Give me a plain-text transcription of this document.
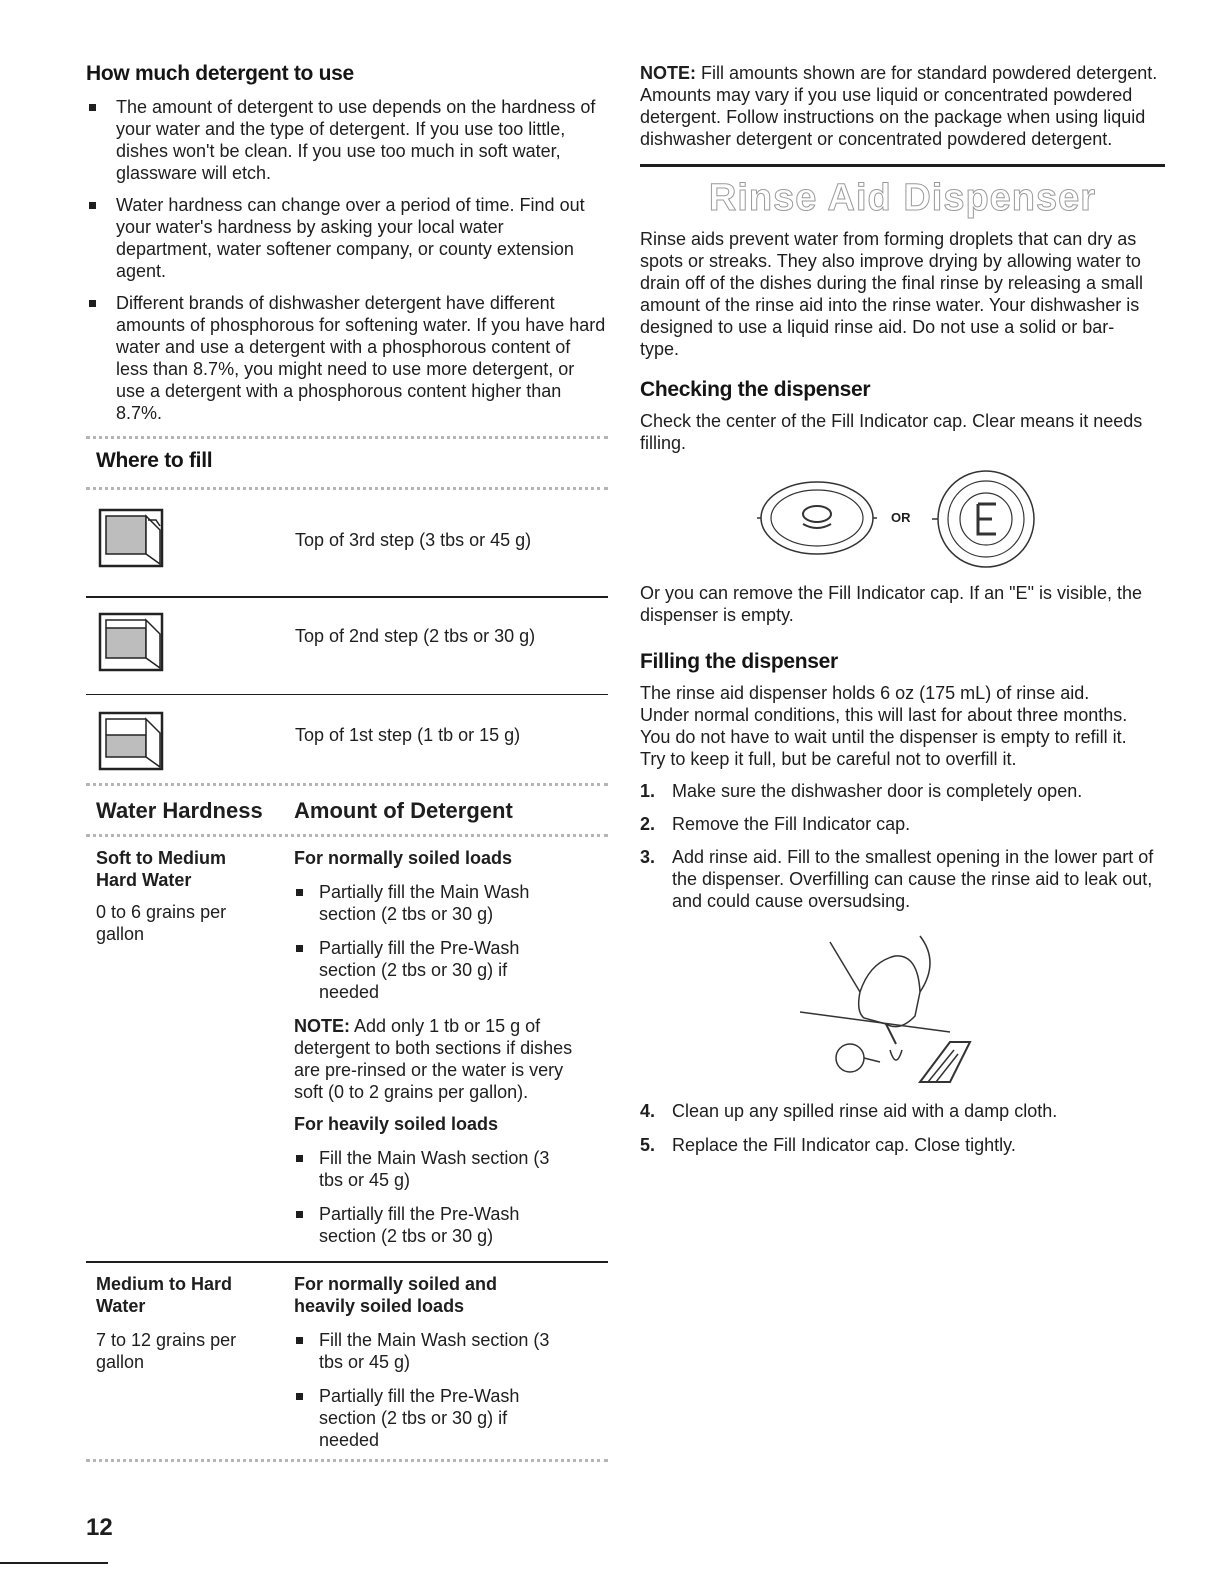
How much detergent to use
The amount of detergent to use depends on the hardness of your water and the type of detergent. If you use too little, dishes won't be clean. If you use too much in soft water, glassware will etch.
Water hardness can change over a period of time. Find out your water's hardness by asking your local water department, water softener company, or county extension agent.
Different brands of dishwasher detergent have different amounts of phosphorous for softening water. If you have hard water and use a detergent with a phosphorous content of less than 8.7%, you might need to use more detergent, or use a detergent with a phosphorous content higher than 8.7%.
Where to fill
Top of 3rd step (3 tbs or 45 g)
Top of 2nd step (2 tbs or 30 g)
Top of 1st step (1 tb or 15 g)
Water Hardness	Amount of Detergent

Soft to Medium Hard Water

0 to 6 grains per gallon

For normally soiled loads

Partially fill the Main Wash section (2 tbs or 30 g)
Partially fill the Pre-Wash section (2 tbs or 30 g) if needed

NOTE: Add only 1 tb or 15 g of detergent to both sections if dishes are pre-rinsed or the water is very soft (0 to 2 grains per gallon).

For heavily soiled loads

Fill the Main Wash section (3 tbs or 45 g)
Partially fill the Pre-Wash section (2 tbs or 30 g)

Medium to Hard Water

7 to 12 grains per gallon

For normally soiled and heavily soiled loads

Fill the Main Wash section (3 tbs or 45 g)
Partially fill the Pre-Wash section (2 tbs or 30 g) if needed

NOTE: Fill amounts shown are for standard powdered detergent. Amounts may vary if you use liquid or concentrated powdered detergent. Follow instructions on the package when using liquid dishwasher detergent or concentrated powdered detergent.

Rinse Aid Dispenser

Rinse aids prevent water from forming droplets that can dry as spots or streaks. They also improve drying by allowing water to drain off of the dishes during the final rinse by releasing a small amount of the rinse aid into the rinse water. Your dishwasher is designed to use a liquid rinse aid. Do not use a solid or bar-type.

Checking the dispenser

Check the center of the Fill Indicator cap. Clear means it needs filling.

OR

Or you can remove the Fill Indicator cap. If an "E" is visible, the dispenser is empty.

Filling the dispenser

The rinse aid dispenser holds 6 oz (175 mL) of rinse aid. Under normal conditions, this will last for about three months. You do not have to wait until the dispenser is empty to refill it. Try to keep it full, but be careful not to overfill it.

1. Make sure the dishwasher door is completely open.
2. Remove the Fill Indicator cap.
3. Add rinse aid. Fill to the smallest opening in the lower part of the dispenser. Overfilling can cause the rinse aid to leak out, and could cause oversudsing.
4. Clean up any spilled rinse aid with a damp cloth.
5. Replace the Fill Indicator cap. Close tightly.
12
